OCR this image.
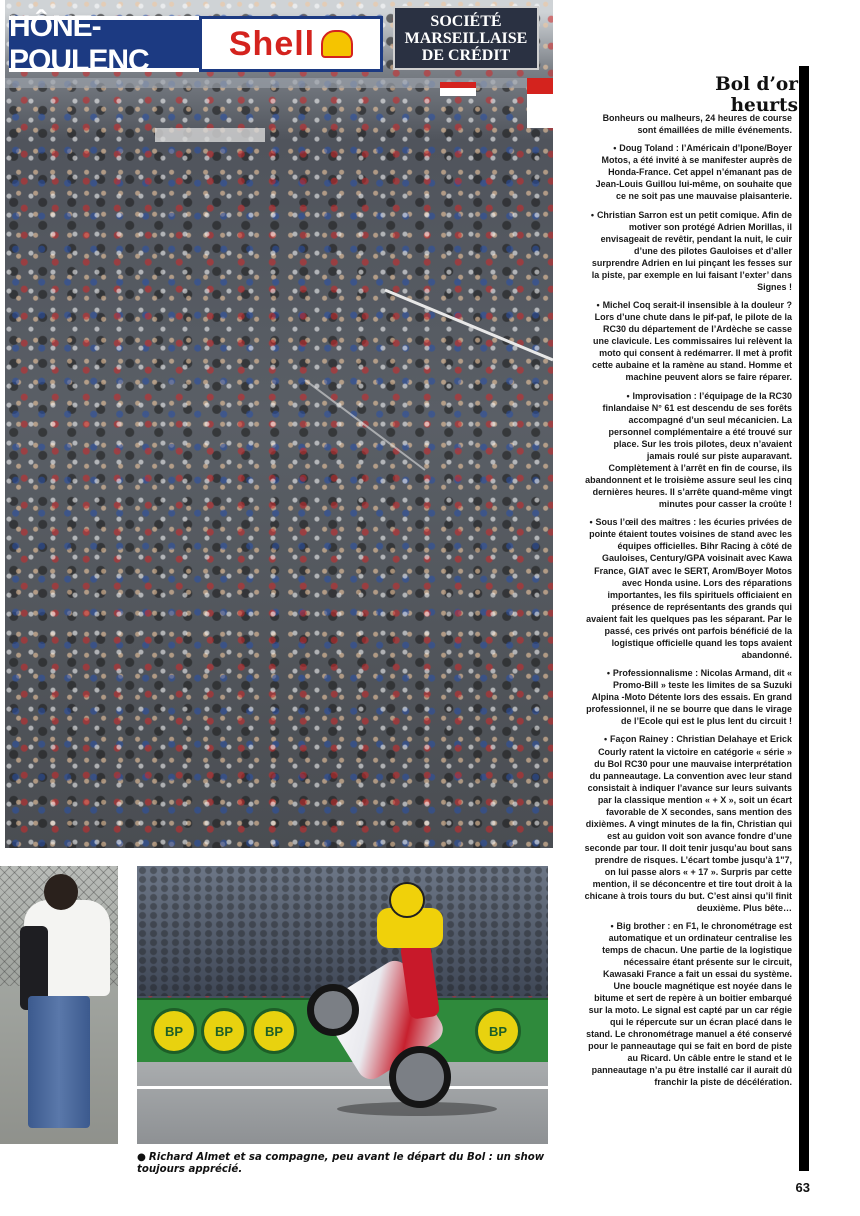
HÔNE-POULENC	Shell
SOCIÉTÉ
MARSEILLAISE
DE CRÉDIT
BP	BP	BP	BP
● Richard Almet et sa compagne, peu avant le départ du Bol : un show toujours apprécié.
Bol d’or
heurts

Bonheurs ou malheurs, 24 heures de course sont émaillées de mille événements.

• Doug Toland : l’Américain d’Ipone/Boyer Motos, a été invité à se manifester auprès de Honda-France. Cet appel n’émanant pas de Jean-Louis Guillou lui-même, on souhaite que ce ne soit pas une mauvaise plaisanterie.

• Christian Sarron est un petit comique. Afin de motiver son protégé Adrien Morillas, il envisageait de revêtir, pendant la nuit, le cuir d’une des pilotes Gauloises et d’aller surprendre Adrien en lui pinçant les fesses sur la piste, par exemple en lui faisant l’exter’ dans Signes !

• Michel Coq serait-il insensible à la douleur ? Lors d’une chute dans le pif-paf, le pilote de la RC30 du département de l’Ardèche se casse une clavicule. Les commissaires lui relèvent la moto qui consent à redémarrer. Il met à profit cette aubaine et la ramène au stand. Homme et machine peuvent alors se faire réparer.

• Improvisation : l’équipage de la RC30 finlandaise N° 61 est descendu de ses forêts accompagné d’un seul mécanicien. La personnel complémentaire a été trouvé sur place. Sur les trois pilotes, deux n’avaient jamais roulé sur piste auparavant. Complètement à l’arrêt en fin de course, ils abandonnent et le troisième assure seul les cinq dernières heures. Il s’arrête quand-même vingt minutes pour casser la croûte !

• Sous l’œil des maîtres : les écuries privées de pointe étaient toutes voisines de stand avec les équipes officielles. Bihr Racing à côté de Gauloises, Century/GPA voisinait avec Kawa France, GIAT avec le SERT, Arom/Boyer Motos avec Honda usine. Lors des réparations importantes, les fils spirituels officiaient en présence de représentants des grands qui avaient fait les quelques pas les séparant. Par le passé, ces privés ont parfois bénéficié de la logistique officielle quand les tops avaient abandonné.

• Professionnalisme : Nicolas Armand, dit « Promo-Bill » teste les limites de sa Suzuki Alpina -Moto Détente lors des essais. En grand professionnel, il ne se bourre que dans le virage de l’Ecole qui est le plus lent du circuit !

• Façon Rainey : Christian Delahaye et Erick Courly ratent la victoire en catégorie « série » du Bol RC30 pour une mauvaise interprétation du panneautage. La convention avec leur stand consistait à indiquer l’avance sur leurs suivants par la classique mention « + X », soit un écart favorable de X secondes, sans mention des dixièmes. A vingt minutes de la fin, Christian qui est au guidon voit son avance fondre d’une seconde par tour. Il doit tenir jusqu’au bout sans prendre de risques. L’écart tombe jusqu’à 1"7, on lui passe alors « + 17 ». Surpris par cette mention, il se déconcentre et tire tout droit à la chicane à trois tours du but. C’est ainsi qu’il finit deuxième. Plus bête…

• Big brother : en F1, le chronométrage est automatique et un ordinateur centralise les temps de chacun. Une partie de la logistique nécessaire étant présente sur le circuit, Kawasaki France a fait un essai du système. Une boucle magnétique est noyée dans le bitume et sert de repère à un boitier embarqué sur la moto. Le signal est capté par un car régie qui le répercute sur un écran placé dans le stand. Le chronométrage manuel a été conservé pour le panneautage qui se fait en bord de piste au Ricard. Un câble entre le stand et le panneautage n’a pu être installé car il aurait dû franchir la piste de décélération.

63
